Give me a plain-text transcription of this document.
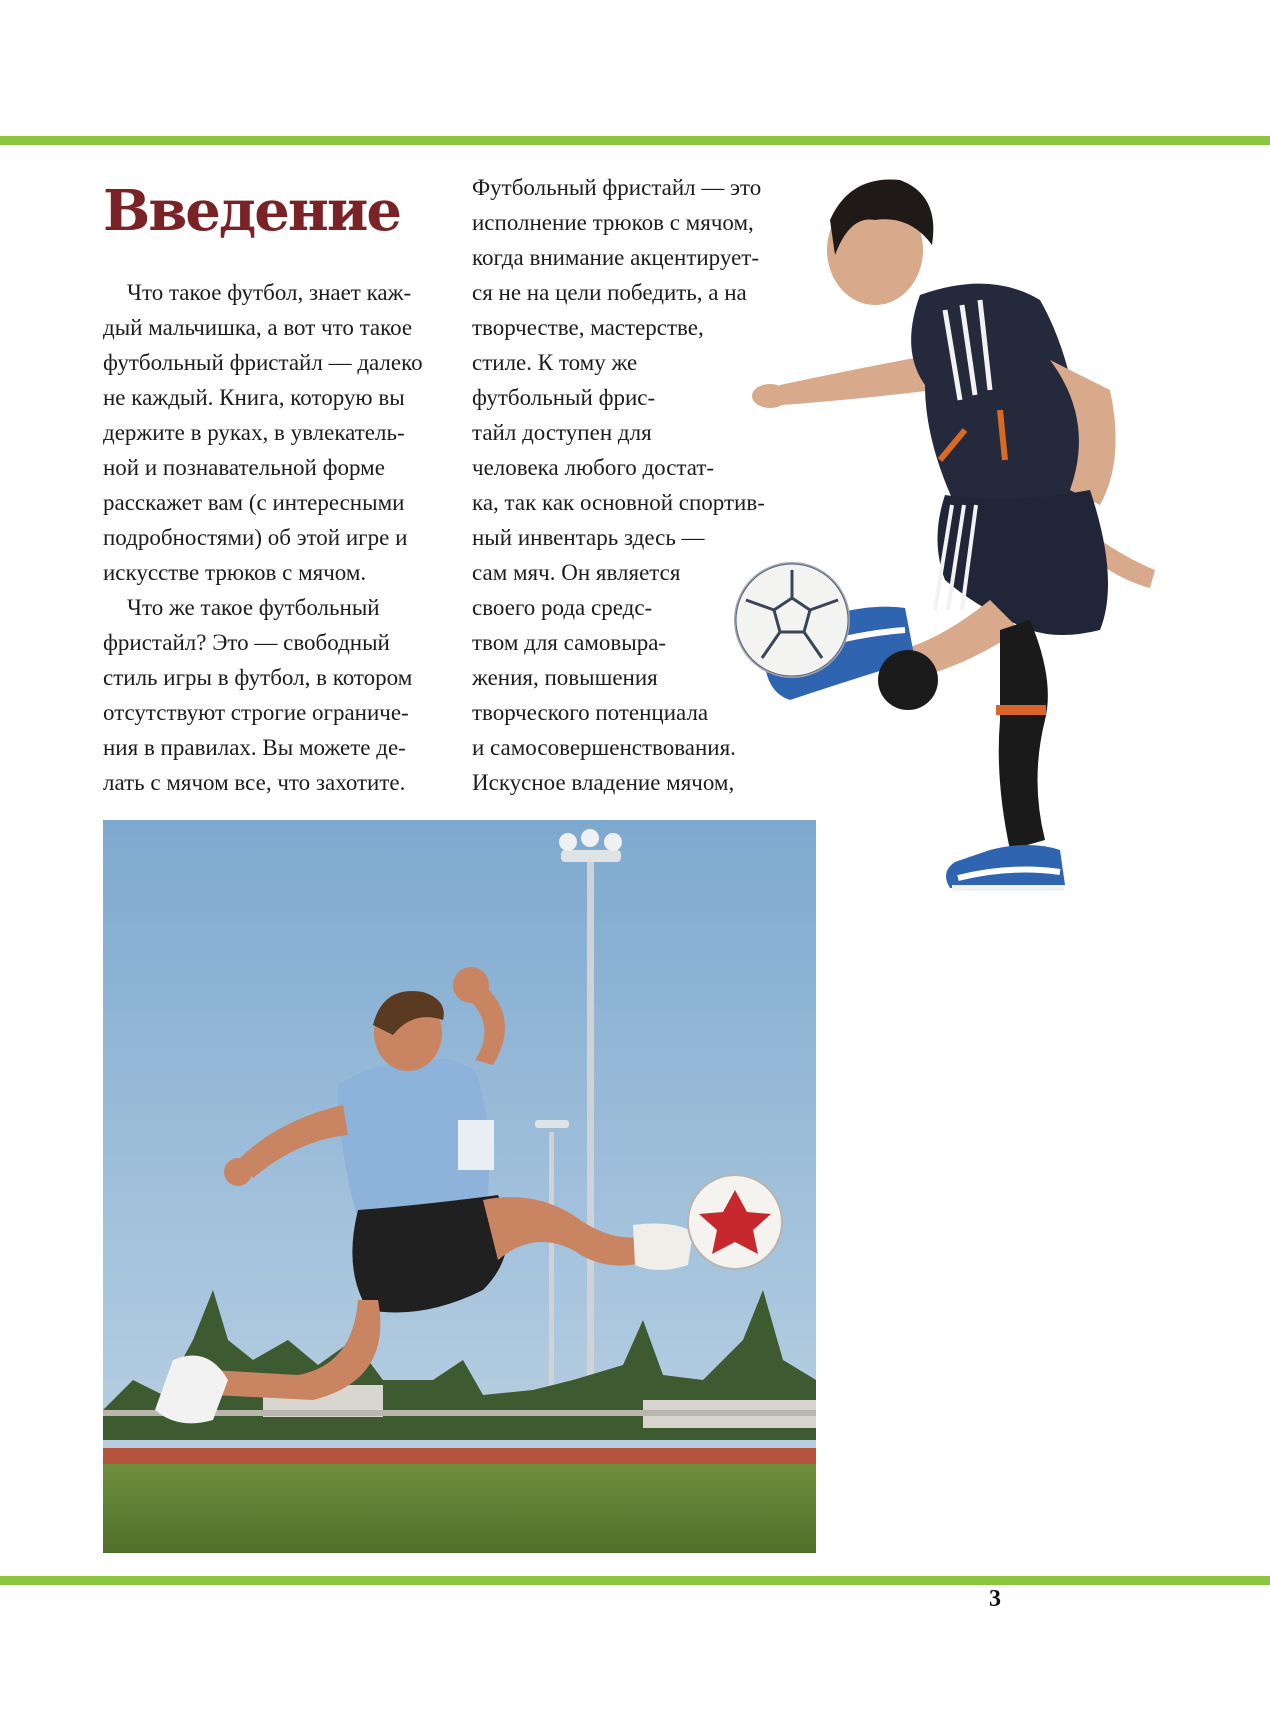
Введение
Что такое футбол, знает каж-
дый мальчишка, а вот что такое
футбольный фристайл — далеко
не каждый. Книга, которую вы
держите в руках, в увлекатель-
ной и познавательной форме
расскажет вам (с интересными
подробностями) об этой игре и
искусстве трюков с мячом.
Что же такое футбольный
фристайл? Это — свободный
стиль игры в футбол, в котором
отсутствуют строгие ограниче-
ния в правилах. Вы можете де-
лать с мячом все, что захотите.
Футбольный фристайл — это
исполнение трюков с мячом,
когда внимание акцентирует-
ся не на цели победить, а на
творчестве, мастерстве,
стиле. К тому же
футбольный фрис-
тайл доступен для
человека любого достат-
ка, так как основной спортив-
ный инвентарь здесь —
сам мяч. Он является
своего рода средс-
твом для самовыра-
жения, повышения
творческого потенциала
и самосовершенствования.
Искусное владение мячом,
3
